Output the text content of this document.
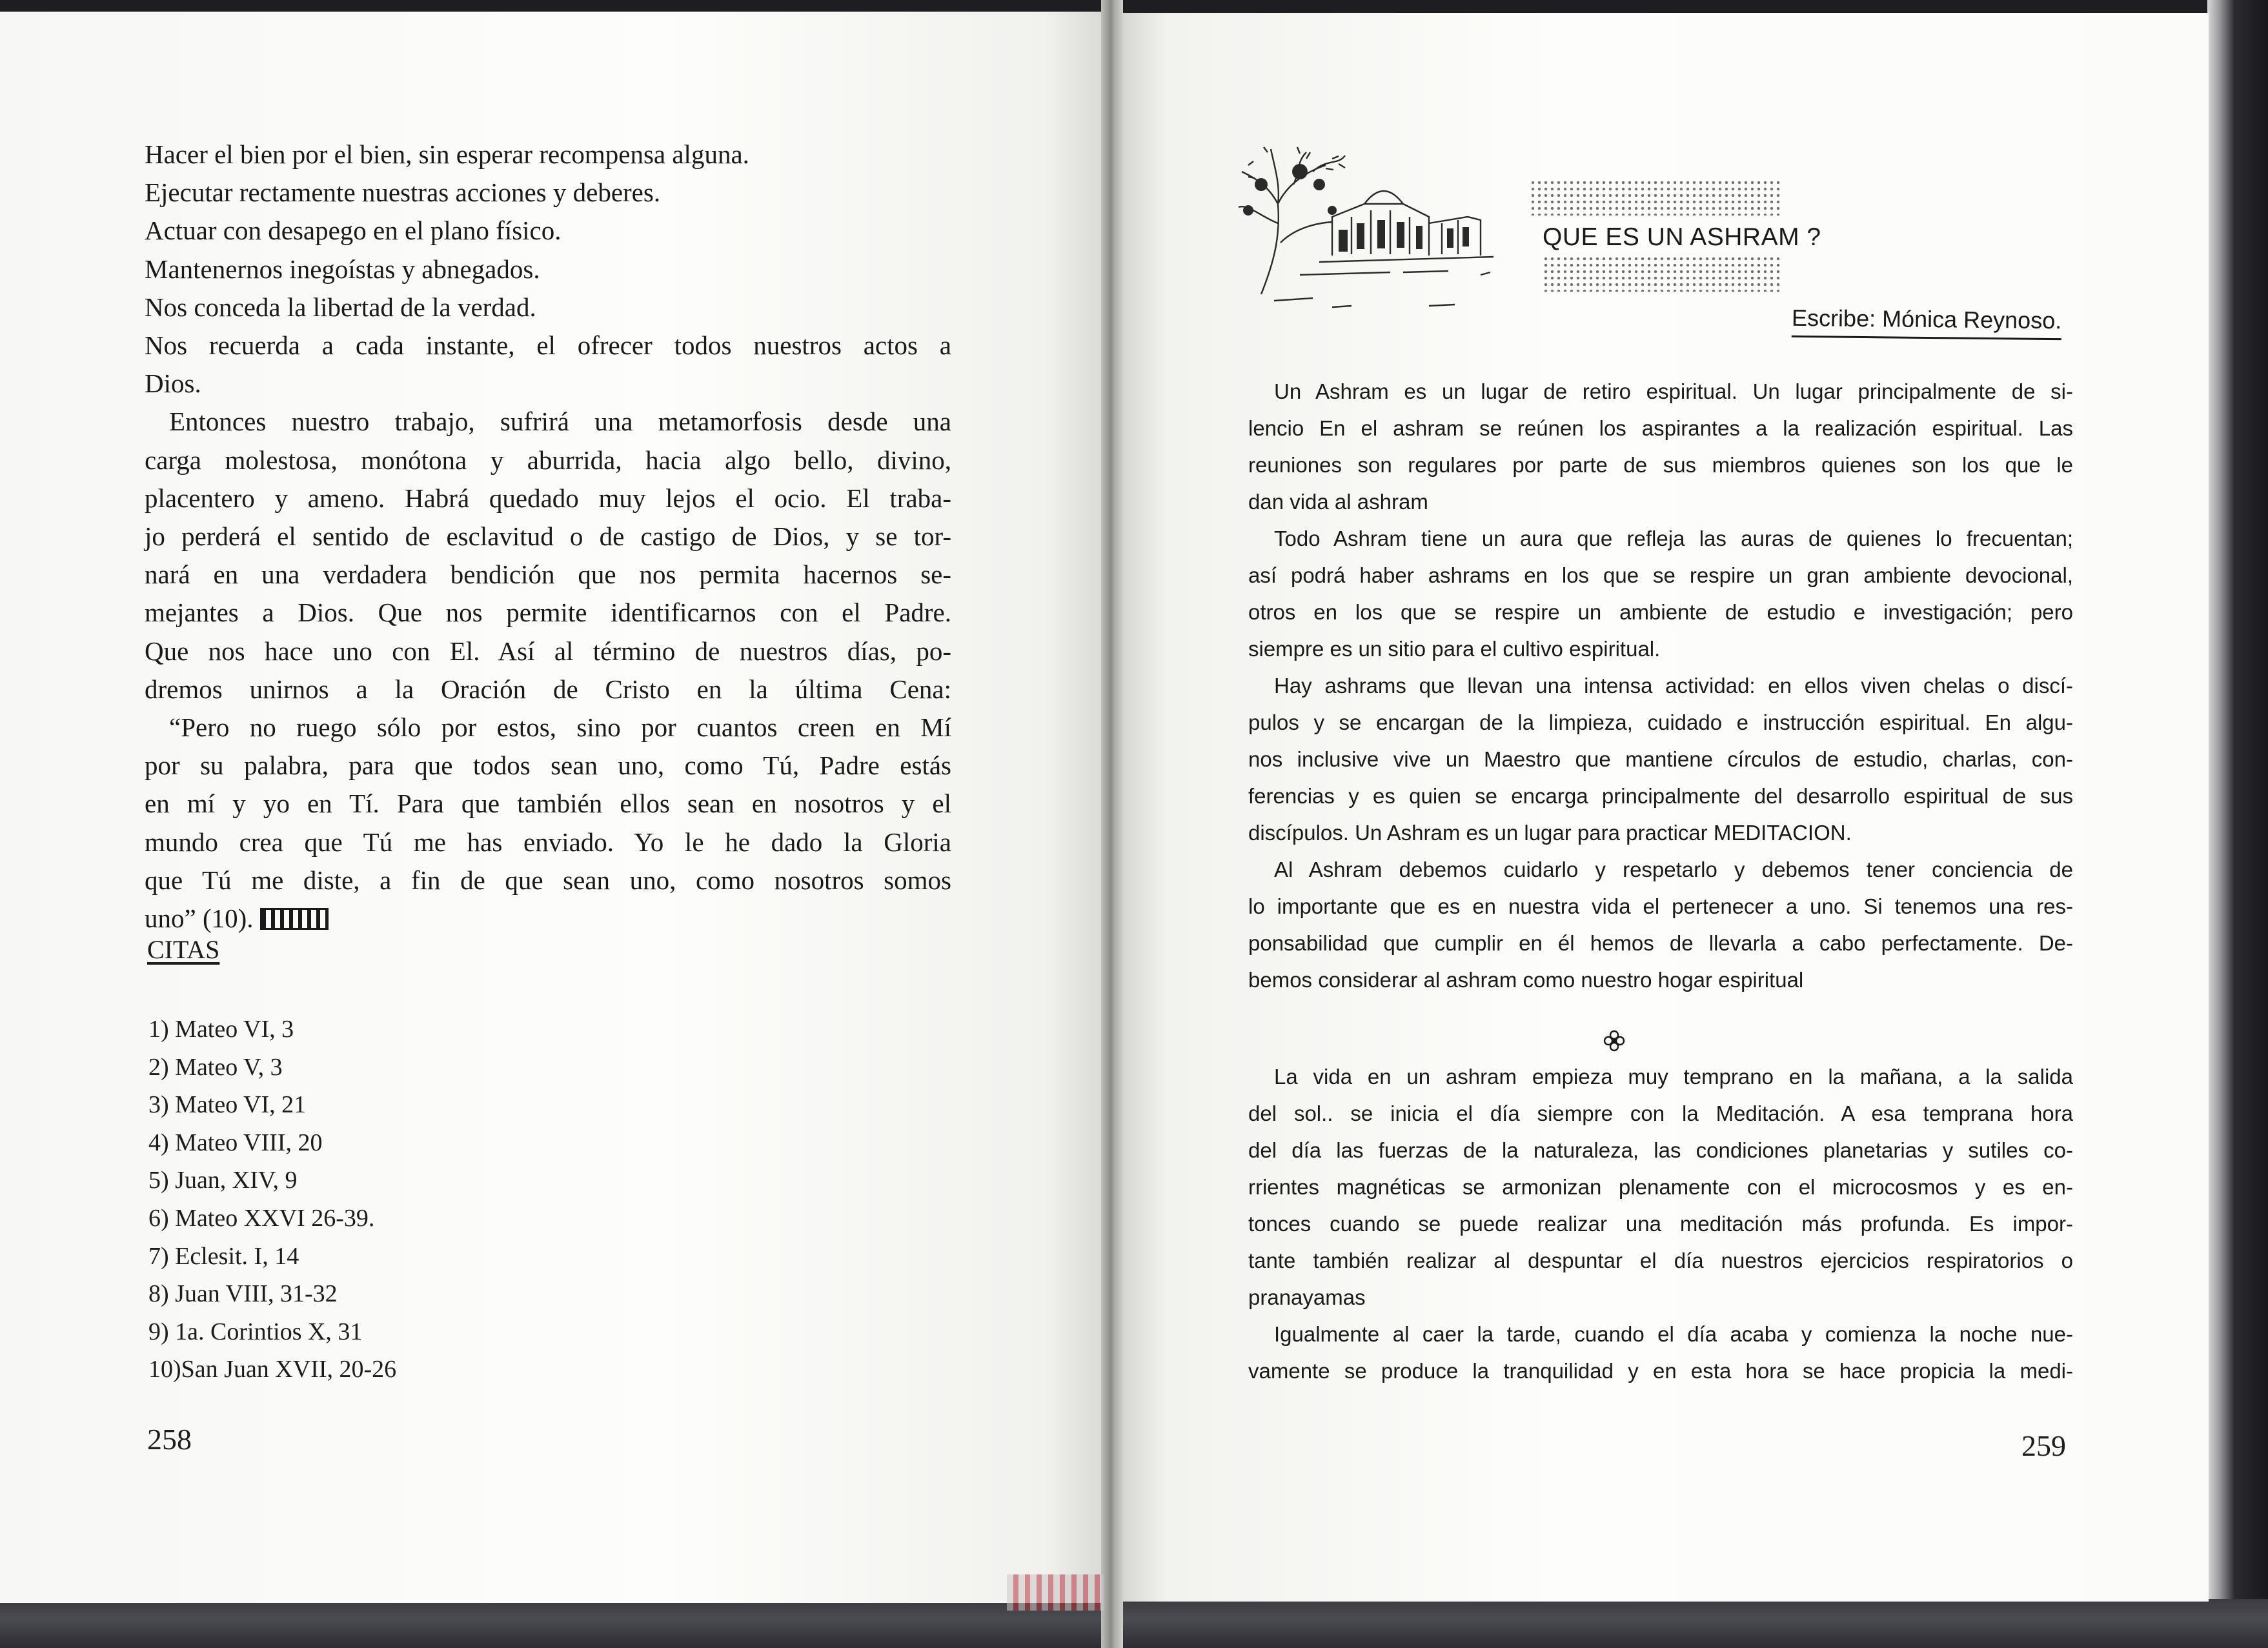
Hacer el bien por el bien, sin esperar recompensa alguna.
Ejecutar rectamente nuestras acciones y deberes.
Actuar con desapego en el plano físico.
Mantenernos inegoístas y abnegados.
Nos conceda la libertad de la verdad.
Nos recuerda a cada instante, el ofrecer todos nuestros actos a
Dios.
Entonces nuestro trabajo, sufrirá una metamorfosis desde una
carga molestosa, monótona y aburrida, hacia algo bello, divino,
placentero y ameno. Habrá quedado muy lejos el ocio. El traba-
jo perderá el sentido de esclavitud o de castigo de Dios, y se tor-
nará en una verdadera bendición que nos permita hacernos se-
mejantes a Dios. Que nos permite identificarnos con el Padre.
Que nos hace uno con El. Así al término de nuestros días, po-
dremos unirnos a la Oración de Cristo en la última Cena:
“Pero no ruego sólo por estos, sino por cuantos creen en Mí
por su palabra, para que todos sean uno, como Tú, Padre estás
en mí y yo en Tí. Para que también ellos sean en nosotros y el
mundo crea que Tú me has enviado. Yo le he dado la Gloria
que Tú me diste, a fin de que sean uno, como nosotros somos
uno” (10).
CITAS
1) Mateo VI, 3
2) Mateo V, 3
3) Mateo VI, 21
4) Mateo VIII, 20
5) Juan, XIV, 9
6) Mateo XXVI 26-39.
7) Eclesit. I, 14
8) Juan VIII, 31-32
9) 1a. Corintios X, 31
10)San Juan XVII, 20-26
258
QUE ES UN ASHRAM ?
Escribe: Mónica Reynoso.
Un Ashram es un lugar de retiro espiritual. Un lugar principalmente de si-
lencio En el ashram se reúnen los aspirantes a la realización espiritual. Las
reuniones son regulares por parte de sus miembros quienes son los que le
dan vida al ashram
Todo Ashram tiene un aura que refleja las auras de quienes lo frecuentan;
así podrá haber ashrams en los que se respire un gran ambiente devocional,
otros en los que se respire un ambiente de estudio e investigación; pero
siempre es un sitio para el cultivo espiritual.
Hay ashrams que llevan una intensa actividad: en ellos viven chelas o discí-
pulos y se encargan de la limpieza, cuidado e instrucción espiritual. En algu-
nos inclusive vive un Maestro que mantiene círculos de estudio, charlas, con-
ferencias y es quien se encarga principalmente del desarrollo espiritual de sus
discípulos. Un Ashram es un lugar para practicar MEDITACION.
Al Ashram debemos cuidarlo y respetarlo y debemos tener conciencia de
lo importante que es en nuestra vida el pertenecer a uno. Si tenemos una res-
ponsabilidad que cumplir en él hemos de llevarla a cabo perfectamente. De-
bemos considerar al ashram como nuestro hogar espiritual
La vida en un ashram empieza muy temprano en la mañana, a la salida
del sol.. se inicia el día siempre con la Meditación. A esa temprana hora
del día las fuerzas de la naturaleza, las condiciones planetarias y sutiles co-
rrientes magnéticas se armonizan plenamente con el microcosmos y es en-
tonces cuando se puede realizar una meditación más profunda. Es impor-
tante también realizar al despuntar el día nuestros ejercicios respiratorios o
pranayamas
Igualmente al caer la tarde, cuando el día acaba y comienza la noche nue-
vamente se produce la tranquilidad y en esta hora se hace propicia la medi-
259
